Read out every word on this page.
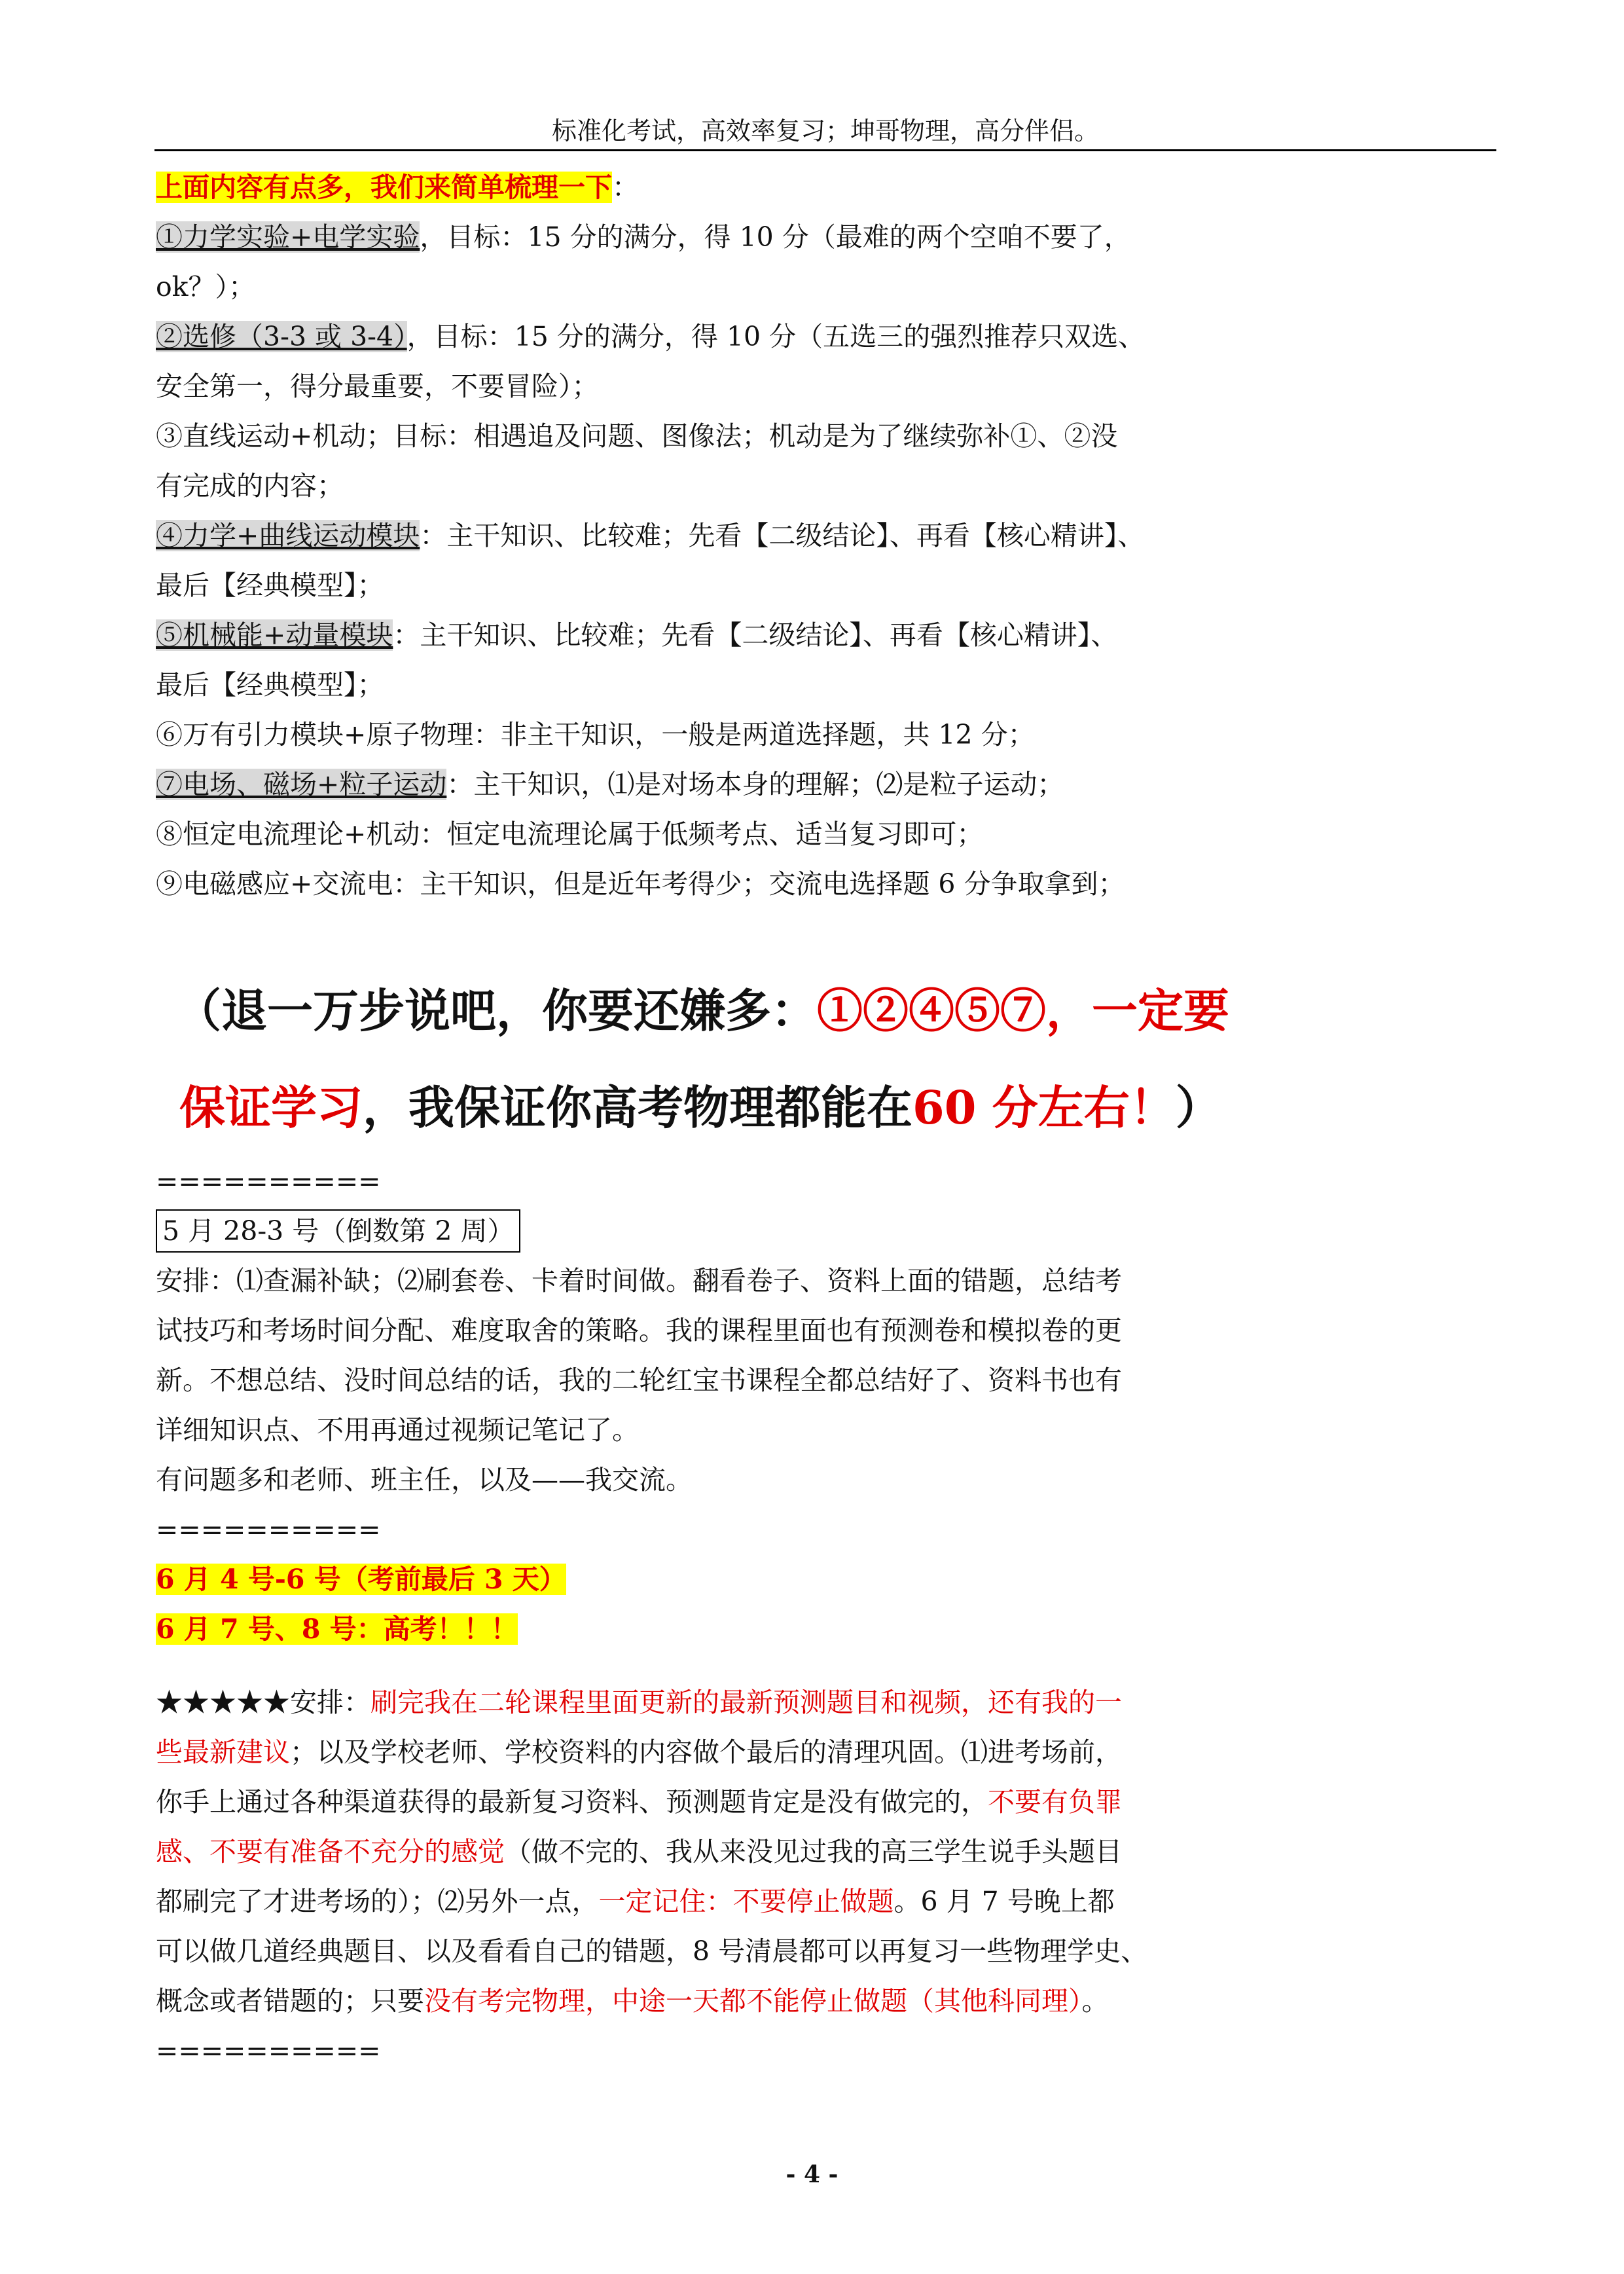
标准化考试，高效率复习；坤哥物理，高分伴侣。
上面内容有点多，我们来简单梳理一下：
①力学实验+电学实验，目标：15 分的满分，得 10 分（最难的两个空咱不要了，
ok？）；
②选修（3-3 或 3-4），目标：15 分的满分，得 10 分（五选三的强烈推荐只双选、
安全第一，得分最重要，不要冒险）；
③直线运动+机动；目标：相遇追及问题、图像法；机动是为了继续弥补①、②没
有完成的内容；
④力学+曲线运动模块：主干知识、比较难；先看【二级结论】、再看【核心精讲】、
最后【经典模型】；
⑤机械能+动量模块：主干知识、比较难；先看【二级结论】、再看【核心精讲】、
最后【经典模型】；
⑥万有引力模块+原子物理：非主干知识，一般是两道选择题，共 12 分；
⑦电场、磁场+粒子运动：主干知识，⑴是对场本身的理解；⑵是粒子运动；
⑧恒定电流理论+机动：恒定电流理论属于低频考点、适当复习即可；
⑨电磁感应+交流电：主干知识，但是近年考得少；交流电选择题 6 分争取拿到；
（退一万步说吧，你要还嫌多：①②④⑤⑦，一定要
保证学习，我保证你高考物理都能在60 分左右！）
==========
5 月 28-3 号（倒数第 2 周）
安排：⑴查漏补缺；⑵刷套卷、卡着时间做。翻看卷子、资料上面的错题，总结考
试技巧和考场时间分配、难度取舍的策略。我的课程里面也有预测卷和模拟卷的更
新。不想总结、没时间总结的话，我的二轮红宝书课程全都总结好了、资料书也有
详细知识点、不用再通过视频记笔记了。
有问题多和老师、班主任，以及——我交流。
==========
6 月 4 号-6 号（考前最后 3 天）
6 月 7 号、8 号：高考！！！
★★★★★安排：刷完我在二轮课程里面更新的最新预测题目和视频，还有我的一
些最新建议；以及学校老师、学校资料的内容做个最后的清理巩固。⑴进考场前，
你手上通过各种渠道获得的最新复习资料、预测题肯定是没有做完的，不要有负罪
感、不要有准备不充分的感觉（做不完的、我从来没见过我的高三学生说手头题目
都刷完了才进考场的）；⑵另外一点，一定记住：不要停止做题。6 月 7 号晚上都
可以做几道经典题目、以及看看自己的错题，8 号清晨都可以再复习一些物理学史、
概念或者错题的；只要没有考完物理，中途一天都不能停止做题（其他科同理）。
==========
- 4 -
